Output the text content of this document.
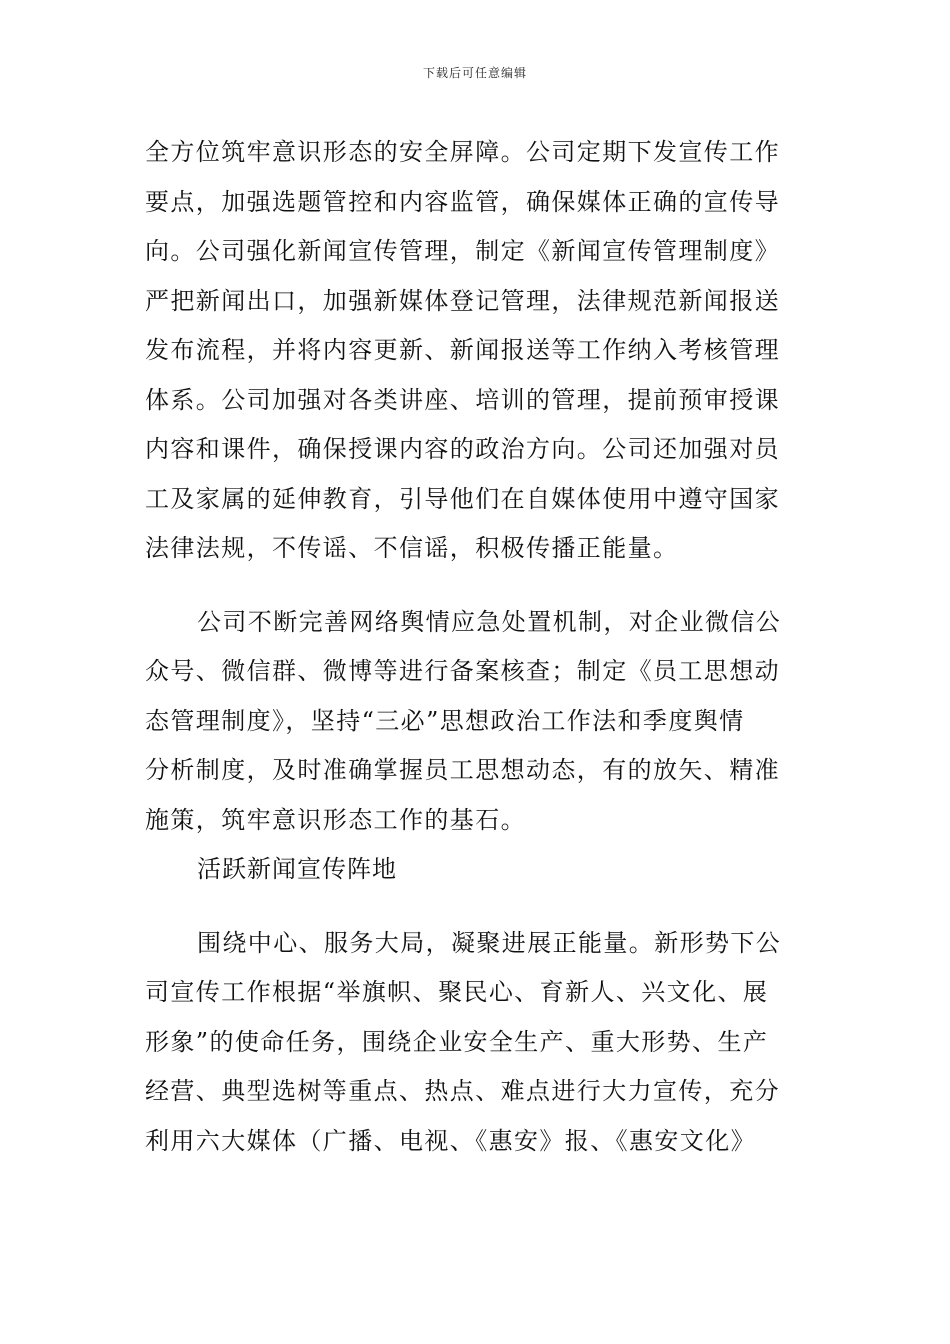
下载后可任意编辑

全方位筑牢意识形态的安全屏障。公司定期下发宣传工作
要点，加强选题管控和内容监管，确保媒体正确的宣传导
向。公司强化新闻宣传管理，制定《新闻宣传管理制度》
严把新闻出口，加强新媒体登记管理，法律规范新闻报送
发布流程，并将内容更新、新闻报送等工作纳入考核管理
体系。公司加强对各类讲座、培训的管理，提前预审授课
内容和课件，确保授课内容的政治方向。公司还加强对员
工及家属的延伸教育，引导他们在自媒体使用中遵守国家
法律法规，不传谣、不信谣，积极传播正能量。

公司不断完善网络舆情应急处置机制，对企业微信公
众号、微信群、微博等进行备案核查；制定《员工思想动
态管理制度》，坚持“三必”思想政治工作法和季度舆情
分析制度，及时准确掌握员工思想动态，有的放矢、精准
施策，筑牢意识形态工作的基石。

活跃新闻宣传阵地

围绕中心、服务大局，凝聚进展正能量。新形势下公
司宣传工作根据“举旗帜、聚民心、育新人、兴文化、展
形象”的使命任务，围绕企业安全生产、重大形势、生产
经营、典型选树等重点、热点、难点进行大力宣传，充分
利用六大媒体（广播、电视、《惠安》报、《惠安文化》
